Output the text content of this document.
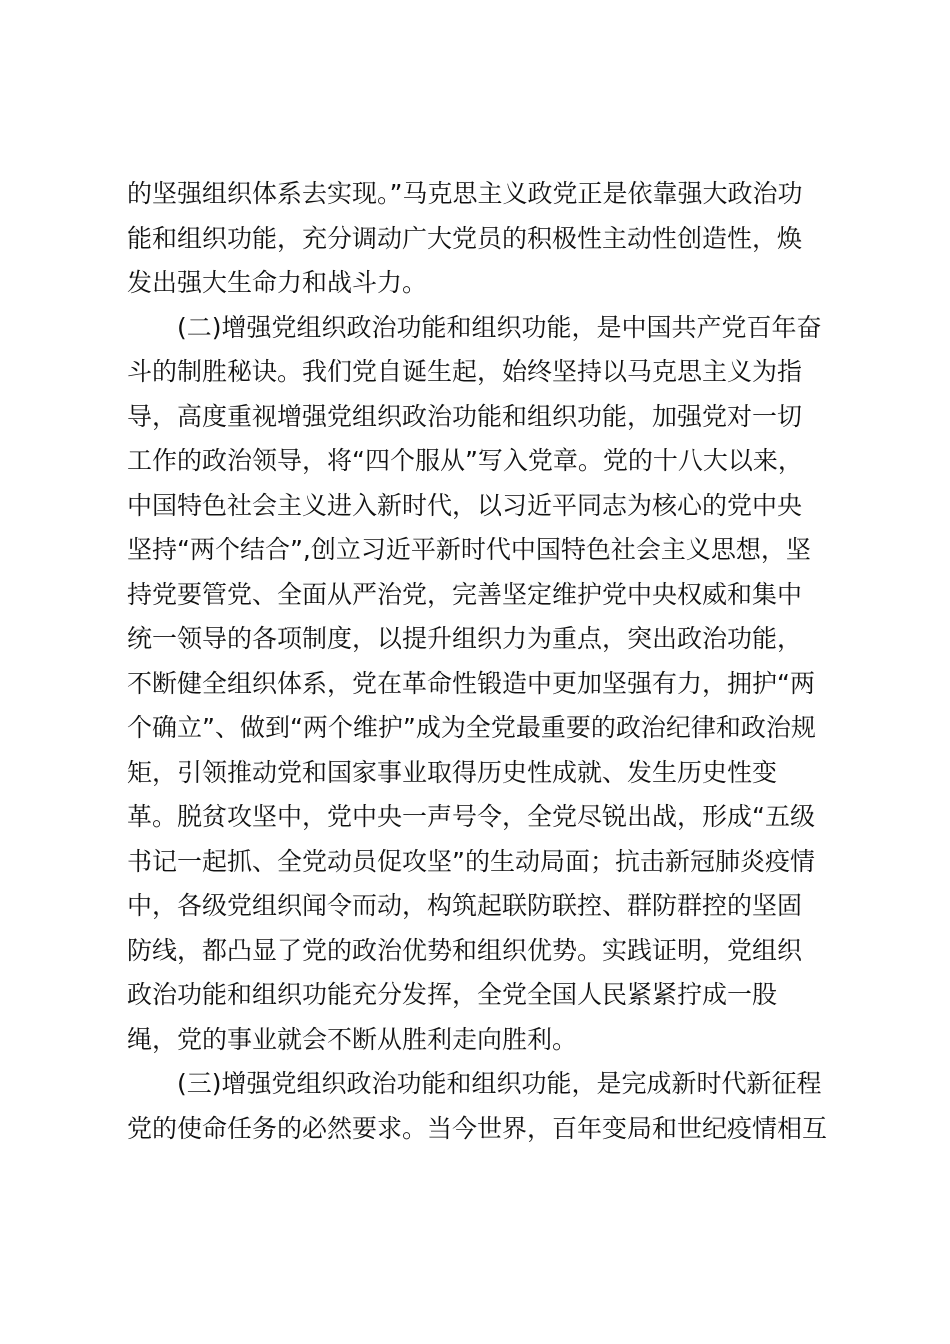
的坚强组织体系去实现。”马克思主义政党正是依靠强大政治功
能和组织功能，充分调动广大党员的积极性主动性创造性，焕
发出强大生命力和战斗力。
(二)增强党组织政治功能和组织功能，是中国共产党百年奋
斗的制胜秘诀。我们党自诞生起，始终坚持以马克思主义为指
导，高度重视增强党组织政治功能和组织功能，加强党对一切
工作的政治领导，将“四个服从”写入党章。党的十八大以来，
中国特色社会主义进入新时代，以习近平同志为核心的党中央
坚持“两个结合”,创立习近平新时代中国特色社会主义思想，坚
持党要管党、全面从严治党，完善坚定维护党中央权威和集中
统一领导的各项制度，以提升组织力为重点，突出政治功能，
不断健全组织体系，党在革命性锻造中更加坚强有力，拥护“两
个确立”、做到“两个维护”成为全党最重要的政治纪律和政治规
矩，引领推动党和国家事业取得历史性成就、发生历史性变
革。脱贫攻坚中，党中央一声号令，全党尽锐出战，形成“五级
书记一起抓、全党动员促攻坚”的生动局面；抗击新冠肺炎疫情
中，各级党组织闻令而动，构筑起联防联控、群防群控的坚固
防线，都凸显了党的政治优势和组织优势。实践证明，党组织
政治功能和组织功能充分发挥，全党全国人民紧紧拧成一股
绳，党的事业就会不断从胜利走向胜利。
(三)增强党组织政治功能和组织功能，是完成新时代新征程
党的使命任务的必然要求。当今世界，百年变局和世纪疫情相互
